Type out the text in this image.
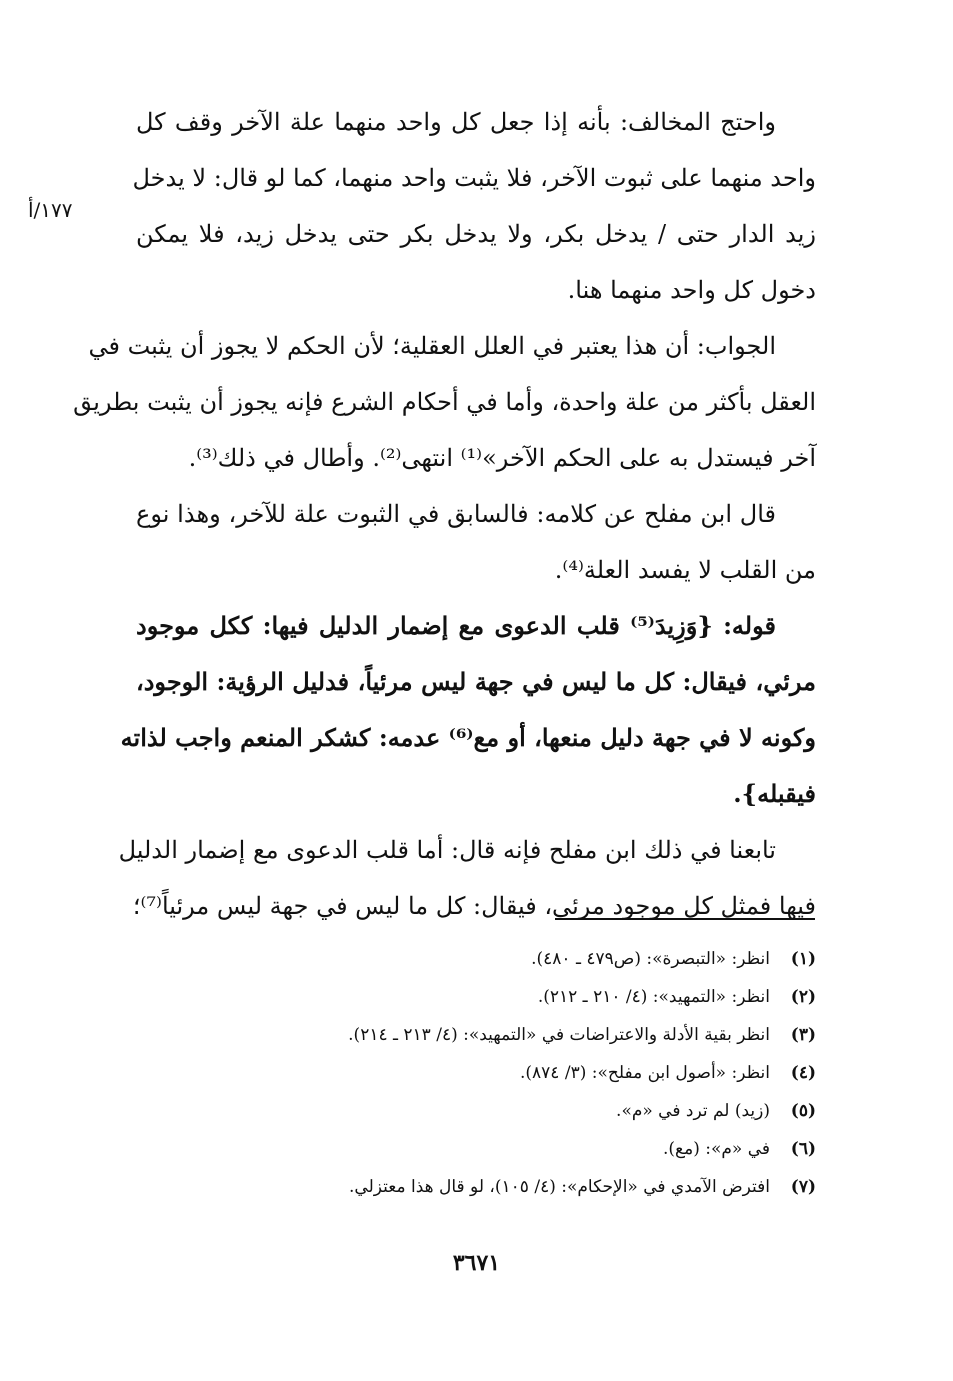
واحتج المخالف: بأنه إذا جعل كل واحد منهما علة الآخر وقف كل
واحد منهما على ثبوت الآخر، فلا يثبت واحد منهما، كما لو قال: لا يدخل
زيد الدار حتى / يدخل بكر، ولا يدخل بكر حتى يدخل زيد، فلا يمكن
دخول كل واحد منهما هنا.
الجواب: أن هذا يعتبر في العلل العقلية؛ لأن الحكم لا يجوز أن يثبت في
العقل بأكثر من علة واحدة، وأما في أحكام الشرع فإنه يجوز أن يثبت بطريق
آخر فيستدل به على الحكم الآخر»⁽¹⁾ انتهى⁽²⁾. وأطال في ذلك⁽³⁾.
قال ابن مفلح عن كلامه: فالسابق في الثبوت علة للآخر، وهذا نوع
من القلب لا يفسد العلة⁽⁴⁾.
قوله: {وَزِيدَ⁽⁵⁾ قلب الدعوى مع إضمار الدليل فيها: ككل موجود
مرئي، فيقال: كل ما ليس في جهة ليس مرئياً، فدليل الرؤية: الوجود،
وكونه لا في جهة دليل منعها، أو مع⁽⁶⁾ عدمه: كشكر المنعم واجب لذاته
فيقبله}.
تابعنا في ذلك ابن مفلح فإنه قال: أما قلب الدعوى مع إضمار الدليل
فيها فمثل كل موجود مرئي، فيقال: كل ما ليس في جهة ليس مرئياً⁽⁷⁾؛
١٧٧/أ
(١)انظر: «التبصرة»: (ص٤٧٩ ـ ٤٨٠).
(٢)انظر: «التمهيد»: (٤/ ٢١٠ ـ ٢١٢).
(٣)انظر بقية الأدلة والاعتراضات في «التمهيد»: (٤/ ٢١٣ ـ ٢١٤).
(٤)انظر: «أصول ابن مفلح»: (٣/ ٨٧٤).
(٥)(زيد) لم ترد في «م».
(٦)في «م»: (مع).
(٧)افترض الآمدي في «الإحكام»: (٤/ ١٠٥)، لو قال هذا معتزلي.
٣٦٧١
